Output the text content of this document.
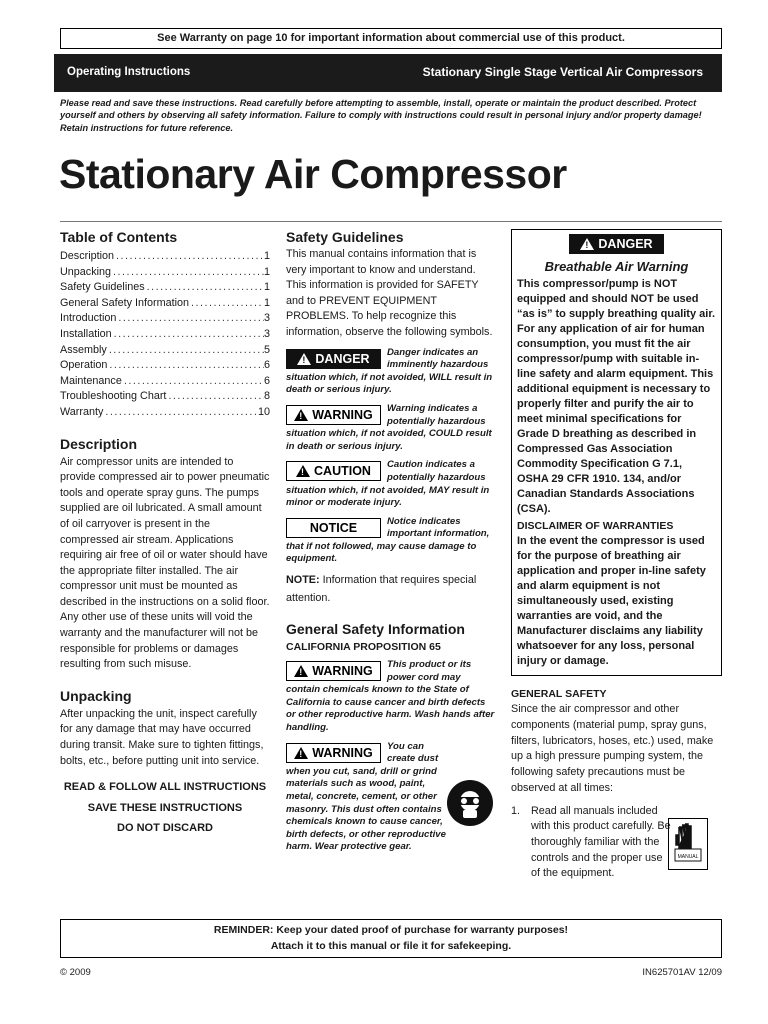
See Warranty on page 10 for important information about commercial use of this product.
Operating Instructions	Stationary Single Stage Vertical Air Compressors
Please read and save these instructions. Read carefully before attempting to assemble, install, operate or maintain the product described. Protect yourself and others by observing all safety information. Failure to comply with instructions could result in personal injury and/or property damage! Retain instructions for future reference.
Stationary Air Compressor
Table of Contents
Description .....	1
Unpacking .....	1
Safety Guidelines .....	1
General Safety Information .....	1
Introduction .....	3
Installation .....	3
Assembly .....	5
Operation .....	6
Maintenance .....	6
Troubleshooting Chart .....	8
Warranty .....	10
Description

Air compressor units are intended to provide compressed air to power pneumatic tools and operate spray guns. The pumps supplied are oil lubricated. A small amount of oil carryover is present in the compressed air stream. Applications requiring air free of oil or water should have the appropriate filter installed. The air compressor unit must be mounted as described in the instructions on a solid floor. Any other use of these units will void the warranty and the manufacturer will not be responsible for problems or damages resulting from such misuse.

Unpacking

After unpacking the unit, inspect carefully for any damage that may have occurred during transit. Make sure to tighten fittings, bolts, etc., before putting unit into service.

READ & FOLLOW ALL INSTRUCTIONS
SAVE THESE INSTRUCTIONS
DO NOT DISCARD
Safety Guidelines

This manual contains information that is very important to know and understand. This information is provided for SAFETY and to PREVENT EQUIPMENT PROBLEMS. To help recognize this information, observe the following symbols.

! DANGER	Danger indicates an imminently hazardous situation which, if not avoided, WILL result in death or serious injury.

! WARNING	Warning indicates a potentially hazardous situation which, if not avoided, COULD result in death or serious injury.

! CAUTION	Caution indicates a potentially hazardous situation which, if not avoided, MAY result in minor or moderate injury.

NOTICE	Notice indicates important information, that if not followed, may cause damage to equipment.

NOTE: Information that requires special attention.

General Safety Information
CALIFORNIA PROPOSITION 65
! WARNING	This product or its power cord may contain chemicals known to the State of California to cause cancer and birth defects or other reproductive harm. Wash hands after handling.

! WARNING	You can create dust when you cut, sand, drill or grind materials such as wood, paint, metal, concrete, cement, or other masonry. This dust often contains chemicals known to cause cancer, birth defects, or other reproductive harm. Wear protective gear.

! DANGER
Breathable Air Warning

This compressor/pump is NOT equipped and should NOT be used “as is” to supply breathing quality air. For any application of air for human consumption, you must fit the air compressor/pump with suitable in-line safety and alarm equipment. This additional equipment is necessary to properly filter and purify the air to meet minimal specifications for Grade D breathing as described in Compressed Gas Association Commodity Specification G 7.1, OSHA 29 CFR 1910. 134, and/or Canadian Standards Associations (CSA).

DISCLAIMER OF WARRANTIES

In the event the compressor is used for the purpose of breathing air application and proper in-line safety and alarm equipment is not simultaneously used, existing warranties are void, and the Manufacturer disclaims any liability whatsoever for any loss, personal injury or damage.

GENERAL SAFETY

Since the air compressor and other components (material pump, spray guns, filters, lubricators, hoses, etc.) used, make up a high pressure pumping system, the following safety precautions must be observed at all times:

1.	Read all manuals included with this product carefully. Be thoroughly familiar with the controls and the proper use of the equipment.
MANUAL
REMINDER: Keep your dated proof of purchase for warranty purposes!
Attach it to this manual or file it for safekeeping.
© 2009	IN625701AV 12/09
